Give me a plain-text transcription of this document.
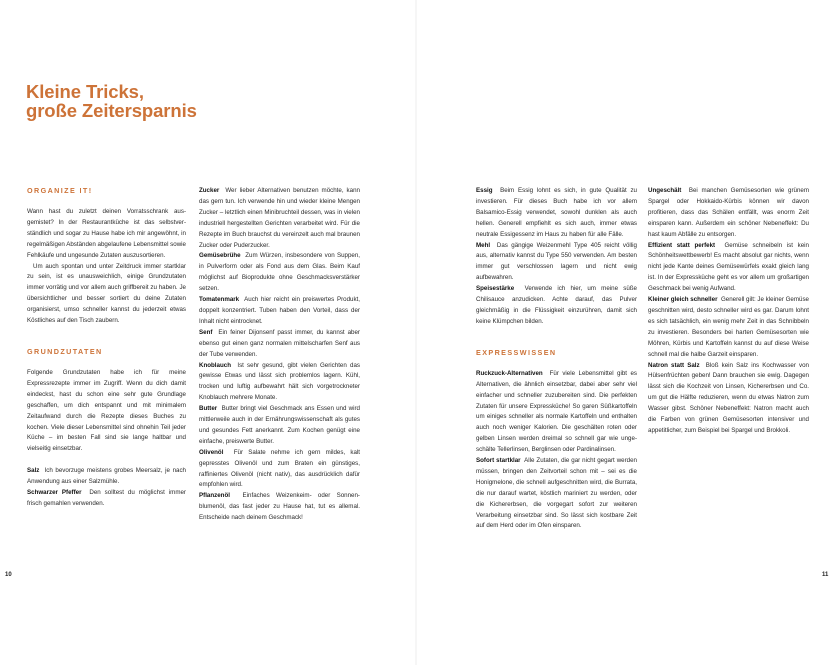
Kleine Tricks,
große Zeitersparnis
ORGANIZE IT!

Wann hast du zuletzt deinen Vorratsschrank ausgemistet? In der Restaurantküche ist das selbstverständlich und sogar zu Hause habe ich mir angewöhnt, in regelmäßigen Abständen abgelaufene Lebensmittel sowie Fehlkäufe und ungesunde Zutaten auszusortieren.

Um auch spontan und unter Zeitdruck immer startklar zu sein, ist es unausweichlich, einige Grundzutaten immer vorrätig und vor allem auch griffbereit zu haben. Je übersichtlicher und besser sortiert du deine Zutaten organisierst, umso schneller kannst du jederzeit etwas Köstliches auf den Tisch zaubern.

GRUNDZUTATEN

Folgende Grundzutaten habe ich für meine Expressrezepte immer im Zugriff. Wenn du dich damit eindeckst, hast du schon eine sehr gute Grundlage geschaffen, um dich entspannt und mit minimalem Zeitaufwand durch die Rezepte dieses Buches zu kochen. Viele dieser Lebensmittel sind ohnehin Teil jeder Küche – im besten Fall sind sie lange haltbar und vielseitig einsetzbar.

Salz Ich bevorzuge meistens grobes Meersalz, je nach Anwendung aus einer Salzmühle.

Schwarzer Pfeffer Den solltest du möglichst immer frisch gemahlen verwenden.

Zucker Wer lieber Alternativen benutzen möchte, kann das gern tun. Ich verwende hin und wieder kleine Mengen Zucker – letztlich einen Minibruchteil dessen, was in vielen industriell hergestellten Gerichten verarbeitet wird. Für die Rezepte im Buch brauchst du vereinzelt auch mal braunen Zucker oder Puderzucker.

Gemüsebrühe Zum Würzen, insbesondere von Suppen, in Pulverform oder als Fond aus dem Glas. Beim Kauf möglichst auf Bioprodukte ohne Geschmacksverstärker setzen.

Tomatenmark Auch hier reicht ein preiswertes Produkt, doppelt konzentriert. Tuben haben den Vorteil, dass der Inhalt nicht eintrocknet.

Senf Ein feiner Dijonsenf passt immer, du kannst aber ebenso gut einen ganz normalen mittelscharfen Senf aus der Tube verwenden.

Knoblauch Ist sehr gesund, gibt vielen Gerichten das gewisse Etwas und lässt sich problemlos lagern. Kühl, trocken und luftig aufbewahrt hält sich vorgetrockneter Knoblauch mehrere Monate.

Butter Butter bringt viel Geschmack ans Essen und wird mittlerweile auch in der Ernährungswissenschaft als gutes und gesundes Fett anerkannt. Zum Kochen genügt eine einfache, preiswerte Butter.

Olivenöl Für Salate nehme ich gern mildes, kalt gepresstes Olivenöl und zum Braten ein günstiges, raffiniertes Olivenöl (nicht nativ), das ausdrücklich dafür empfohlen wird.

Pflanzenöl Einfaches Weizenkeim- oder Sonnenblumenöl, das fast jeder zu Hause hat, tut es allemal. Entscheide nach deinem Geschmack!

Essig Beim Essig lohnt es sich, in gute Qualität zu investieren. Für dieses Buch habe ich vor allem Balsamico-Essig verwendet, sowohl dunklen als auch hellen. Generell empfiehlt es sich auch, immer etwas neutrale Essigessenz im Haus zu haben für alle Fälle.

Mehl Das gängige Weizenmehl Type 405 reicht völlig aus, alternativ kannst du Type 550 verwenden. Am besten immer gut verschlossen lagern und nicht ewig aufbewahren.

Speisestärke Verwende ich hier, um meine süße Chilisauce anzudicken. Achte darauf, das Pulver gleichmäßig in die Flüssigkeit einzurühren, damit sich keine Klümpchen bilden.

EXPRESSWISSEN

Ruckzuck-Alternativen Für viele Lebensmittel gibt es Alternativen, die ähnlich einsetzbar, dabei aber sehr viel einfacher und schneller zuzubereiten sind. Die perfekten Zutaten für unsere Expressküche! So garen Süßkartoffeln um einiges schneller als normale Kartoffeln und enthalten auch noch weniger Kalorien. Die geschälten roten oder gelben Linsen werden dreimal so schnell gar wie ungeschälte Tellerlinsen, Berglinsen oder Pardinalinsen.

Sofort startklar Alle Zutaten, die gar nicht gegart werden müssen, bringen den Zeitvorteil schon mit – sei es die Honigmelone, die schnell aufgeschnitten wird, die Burrata, die nur darauf wartet, köstlich mariniert zu werden, oder die Kichererbsen, die vorgegart sofort zur weiteren Verarbeitung einsetzbar sind. So lässt sich kostbare Zeit auf dem Herd oder im Ofen einsparen.

Ungeschält Bei manchen Gemüsesorten wie grünem Spargel oder Hokkaido-Kürbis können wir davon profitieren, dass das Schälen entfällt, was enorm Zeit einsparen kann. Außerdem ein schöner Nebeneffekt: Du hast kaum Abfälle zu entsorgen.

Effizient statt perfekt Gemüse schneibeln ist kein Schönheitswettbewerb! Es macht absolut gar nichts, wenn nicht jede Kante deines Gemüsewürfels exakt gleich lang ist. In der Expressküche geht es vor allem um großartigen Geschmack bei wenig Aufwand.

Kleiner gleich schneller Generell gilt: Je kleiner Gemüse geschnitten wird, desto schneller wird es gar. Darum lohnt es sich tatsächlich, ein wenig mehr Zeit in das Schnibbeln zu investieren. Besonders bei harten Gemüsesorten wie Möhren, Kürbis und Kartoffeln kannst du auf diese Weise schnell mal die halbe Garzeit einsparen.

Natron statt Salz Bloß kein Salz ins Kochwasser von Hülsenfrüchten geben! Dann brauchen sie ewig. Dagegen lässt sich die Kochzeit von Linsen, Kichererbsen und Co. um gut die Hälfte reduzieren, wenn du etwas Natron zum Wasser gibst. Schöner Nebeneffekt: Natron macht auch die Farben von grünen Gemüsesorten intensiver und appetitlicher, zum Beispiel bei Spargel und Brokkoli.

10	11
